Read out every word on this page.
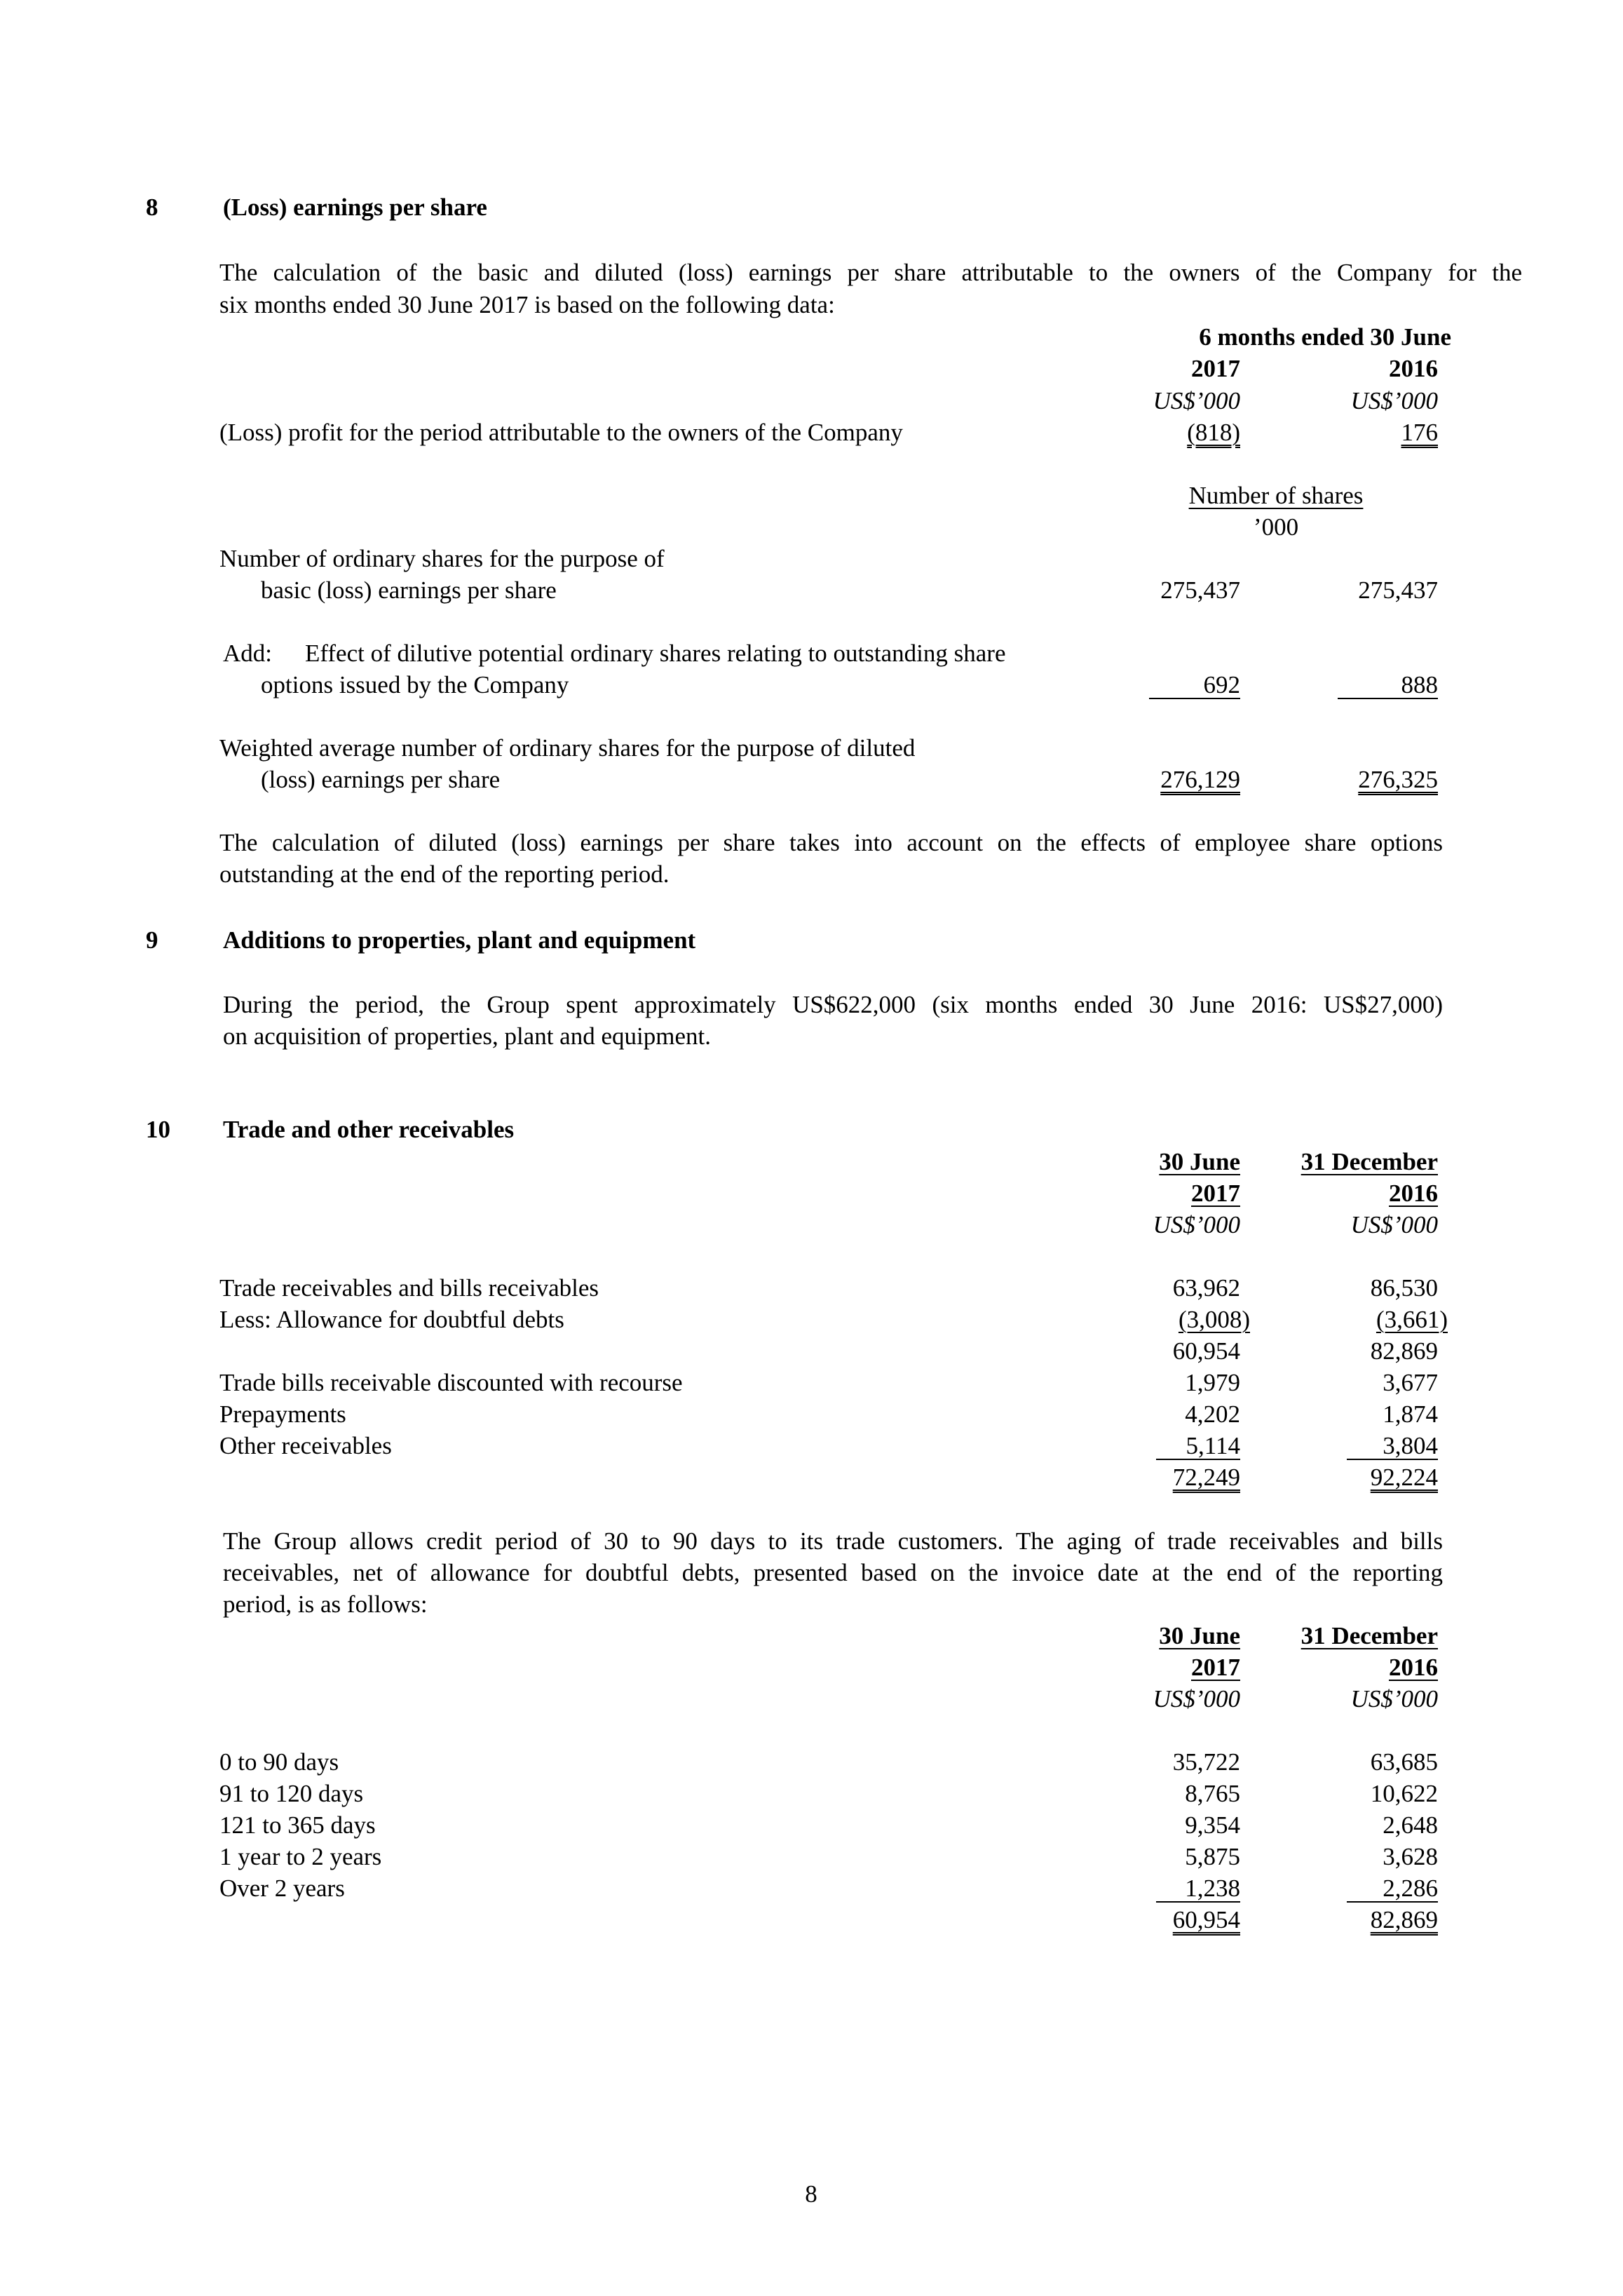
8	(Loss) earnings per share
The calculation of the basic and diluted (loss) earnings per share attributable to the owners of the Company for the
six months ended 30 June 2017 is based on the following data:
6 months ended 30 June
2017	2016
US$’000	US$’000
(Loss) profit for the period attributable to the owners of the Company	(818)	176
Number of shares
’000
Number of ordinary shares for the purpose of
basic (loss) earnings per share	275,437	275,437
Add: Effect of dilutive potential ordinary shares relating to outstanding share
options issued by the Company	692	888
Weighted average number of ordinary shares for the purpose of diluted
(loss) earnings per share	276,129	276,325
The calculation of diluted (loss) earnings per share takes into account on the effects of employee share options
outstanding at the end of the reporting period.
9	Additions to properties, plant and equipment
During the period, the Group spent approximately US$622,000 (six months ended 30 June 2016: US$27,000)
on acquisition of properties, plant and equipment.
10 Trade and other receivables
30 June 31 December
2017	2016
US$’000	US$’000
Trade receivables and bills receivables	63,962	86,530
Less: Allowance for doubtful debts	(3,008)	(3,661)
60,954	82,869
Trade bills receivable discounted with recourse	1,979	3,677
Prepayments	4,202	1,874
Other receivables	5,114	3,804
72,249	92,224
The Group allows credit period of 30 to 90 days to its trade customers. The aging of trade receivables and bills
receivables, net of allowance for doubtful debts, presented based on the invoice date at the end of the reporting
period, is as follows:
30 June 31 December
2017	2016
US$’000	US$’000
0 to 90 days	35,722	63,685
91 to 120 days	8,765	10,622
121 to 365 days	9,354	2,648
1 year to 2 years	5,875	3,628
Over 2 years	1,238	2,286
60,954	82,869
8
